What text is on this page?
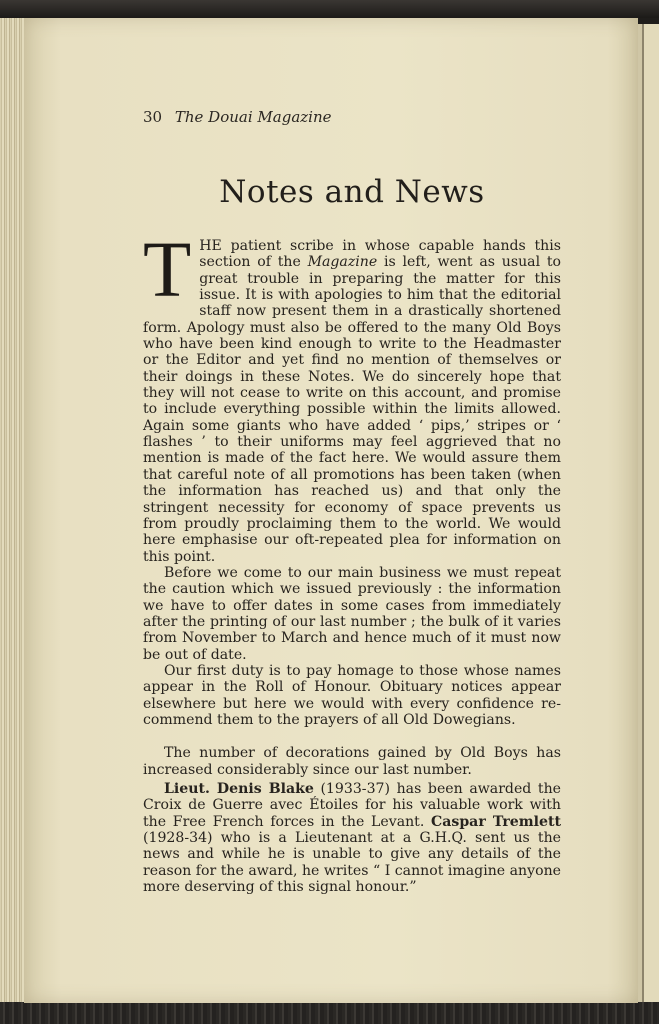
30 The Douai Magazine
Notes and News

THE patient scribe in whose capable hands this section of the Magazine is left, went as usual to great trouble in preparing the matter for this issue. It is with apologies to him that the editorial staff now present them in a drastically shortened form. Apology must also be offered to the many Old Boys who have been kind enough to write to the Headmaster or the Editor and yet find no mention of themselves or their doings in these Notes. We do sincerely hope that they will not cease to write on this account, and promise to include everything possible within the limits allowed. Again some giants who have added ‘ pips,’ stripes or ‘ flashes ’ to their uniforms may feel aggrieved that no mention is made of the fact here. We would assure them that careful note of all promotions has been taken (when the information has reached us) and that only the stringent necessity for economy of space prevents us from proudly proclaiming them to the world. We would here emphasise our oft-repeated plea for information on this point.

Before we come to our main business we must repeat the caution which we issued previously : the information we have to offer dates in some cases from immediately after the printing of our last number ; the bulk of it varies from November to March and hence much of it must now be out of date.

Our first duty is to pay homage to those whose names appear in the Roll of Honour. Obituary notices appear elsewhere but here we would with every confidence re-commend them to the prayers of all Old Dowegians.

The number of decorations gained by Old Boys has increased considerably since our last number.

Lieut. Denis Blake (1933-37) has been awarded the Croix de Guerre avec Étoiles for his valuable work with the Free French forces in the Levant. Caspar Tremlett (1928-34) who is a Lieutenant at a G.H.Q. sent us the news and while he is unable to give any details of the reason for the award, he writes “ I cannot imagine anyone more deserving of this signal honour.”
